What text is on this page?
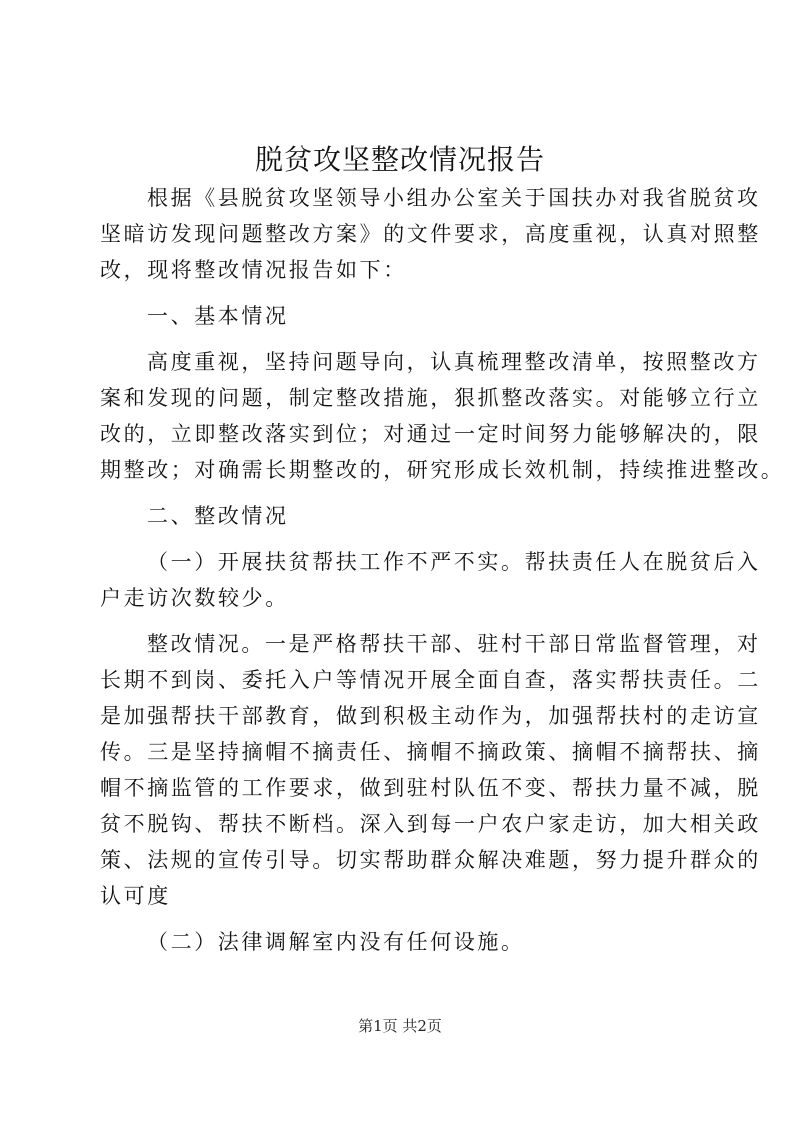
脱贫攻坚整改情况报告

根据《县脱贫攻坚领导小组办公室关于国扶办对我省脱贫攻
坚暗访发现问题整改方案》的文件要求，高度重视，认真对照整
改，现将整改情况报告如下：

一、基本情况

高度重视，坚持问题导向，认真梳理整改清单，按照整改方
案和发现的问题，制定整改措施，狠抓整改落实。对能够立行立
改的，立即整改落实到位；对通过一定时间努力能够解决的，限
期整改；对确需长期整改的，研究形成长效机制，持续推进整改。

二、整改情况

（一）开展扶贫帮扶工作不严不实。帮扶责任人在脱贫后入
户走访次数较少。

整改情况。一是严格帮扶干部、驻村干部日常监督管理，对
长期不到岗、委托入户等情况开展全面自查，落实帮扶责任。二
是加强帮扶干部教育，做到积极主动作为，加强帮扶村的走访宣
传。三是坚持摘帽不摘责任、摘帽不摘政策、摘帽不摘帮扶、摘
帽不摘监管的工作要求，做到驻村队伍不变、帮扶力量不减，脱
贫不脱钩、帮扶不断档。深入到每一户农户家走访，加大相关政
策、法规的宣传引导。切实帮助群众解决难题，努力提升群众的
认可度

（二）法律调解室内没有任何设施。

第1页 共2页
